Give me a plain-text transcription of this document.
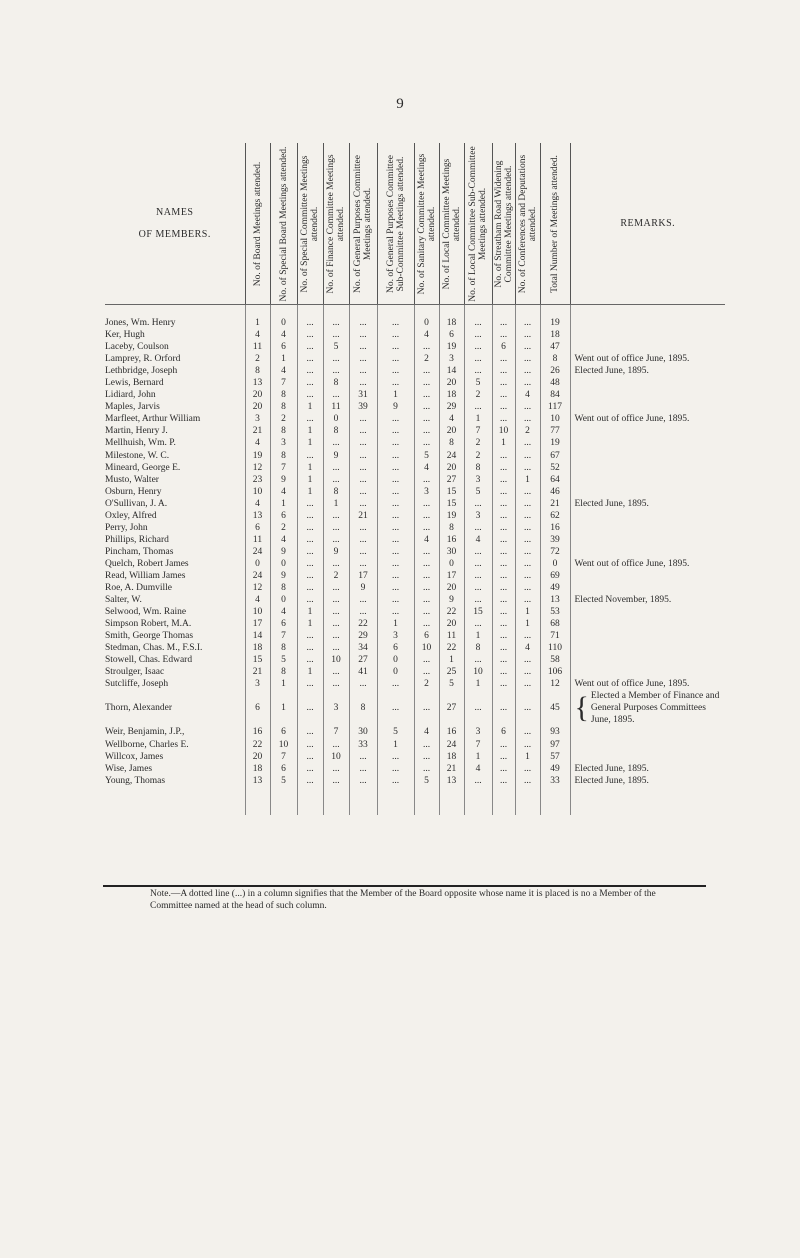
9
NAMES
OF MEMBERS.	No. of Board Meetings attended.	No. of Special Board Meetings attended.	No. of Special Committee Meetings attended.	No. of Finance Committee Meetings attended.	No. of General Purposes Committee Meetings attended.	No. of General Purposes Committee Sub-Committee Meetings attended.	No. of Sanitary Committee Meetings attended.	No. of Local Committee Meetings attended.	No. of Local Committee Sub-Committee Meetings attended.	No. of Streatham Road Widening Committee Meetings attended.	No. of Conferences and Deputations attended.	Total Number of Meetings attended.	REMARKS.
Jones, Wm. Henry	1	0	...	...	...	...	0	18	...	...	...	19	
Ker, Hugh	4	4	...	...	...	...	4	6	...	...	...	18	
Laceby, Coulson	11	6	...	5	...	...	...	19	...	6	...	47	
Lamprey, R. Orford	2	1	...	...	...	...	2	3	...	...	...	8	Went out of office June, 1895.
Lethbridge, Joseph	8	4	...	...	...	...	...	14	...	...	...	26	Elected June, 1895.
Lewis, Bernard	13	7	...	8	...	...	...	20	5	...	...	48	
Lidiard, John	20	8	...	...	31	1	...	18	2	...	4	84	
Maples, Jarvis	20	8	1	11	39	9	...	29	...	...	...	117	
Marfleet, Arthur William	3	2	...	0	...	...	...	4	1	...	...	10	Went out of office June, 1895.
Martin, Henry J.	21	8	1	8	...	...	...	20	7	10	2	77	
Mellhuish, Wm. P.	4	3	1	...	...	...	...	8	2	1	...	19	
Milestone, W. C.	19	8	...	9	...	...	5	24	2	...	...	67	
Mineard, George E.	12	7	1	...	...	...	4	20	8	...	...	52	
Musto, Walter	23	9	1	...	...	...	...	27	3	...	1	64	
Osburn, Henry	10	4	1	8	...	...	3	15	5	...	...	46	
O'Sullivan, J. A.	4	1	...	1	...	...	...	15	...	...	...	21	Elected June, 1895.
Oxley, Alfred	13	6	...	...	21	...	...	19	3	...	...	62	
Perry, John	6	2	...	...	...	...	...	8	...	...	...	16	
Phillips, Richard	11	4	...	...	...	...	4	16	4	...	...	39	
Pincham, Thomas	24	9	...	9	...	...	...	30	...	...	...	72	
Quelch, Robert James	0	0	...	...	...	...	...	0	...	...	...	0	Went out of office June, 1895.
Read, William James	24	9	...	2	17	...	...	17	...	...	...	69	
Roe, A. Dumville	12	8	...	...	9	...	...	20	...	...	...	49	
Salter, W.	4	0	...	...	...	...	...	9	...	...	...	13	Elected November, 1895.
Selwood, Wm. Raine	10	4	1	...	...	...	...	22	15	...	1	53	
Simpson Robert, M.A.	17	6	1	...	22	1	...	20	...	...	1	68	
Smith, George Thomas	14	7	...	...	29	3	6	11	1	...	...	71	
Stedman, Chas. M., F.S.I.	18	8	...	...	34	6	10	22	8	...	4	110	
Stowell, Chas. Edward	15	5	...	10	27	0	...	1	...	...	...	58	
Stroulger, Isaac	21	8	1	...	41	0	...	25	10	...	...	106	
Sutcliffe, Joseph	3	1	...	...	...	...	2	5	1	...	...	12	Went out of office June, 1895.
Thorn, Alexander	6	1	...	3	8	...	...	27	...	...	...	45	{ Elected a Member of Finance and General Purposes Committees June, 1895.

Weir, Benjamin, J.P.,	16	6	...	7	30	5	4	16	3	6	...	93	
Wellborne, Charles E.	22	10	...	...	33	1	...	24	7	...	...	97	
Willcox, James	20	7	...	10	...	...	...	18	1	...	1	57	
Wise, James	18	6	...	...	...	...	...	21	4	...	...	49	Elected June, 1895.
Young, Thomas	13	5	...	...	...	...	5	13	...	...	...	33	Elected June, 1895.
Note.—A dotted line (...) in a column signifies that the Member of the Board opposite whose name it is placed is no a Member of the Committee named at the head of such column.
